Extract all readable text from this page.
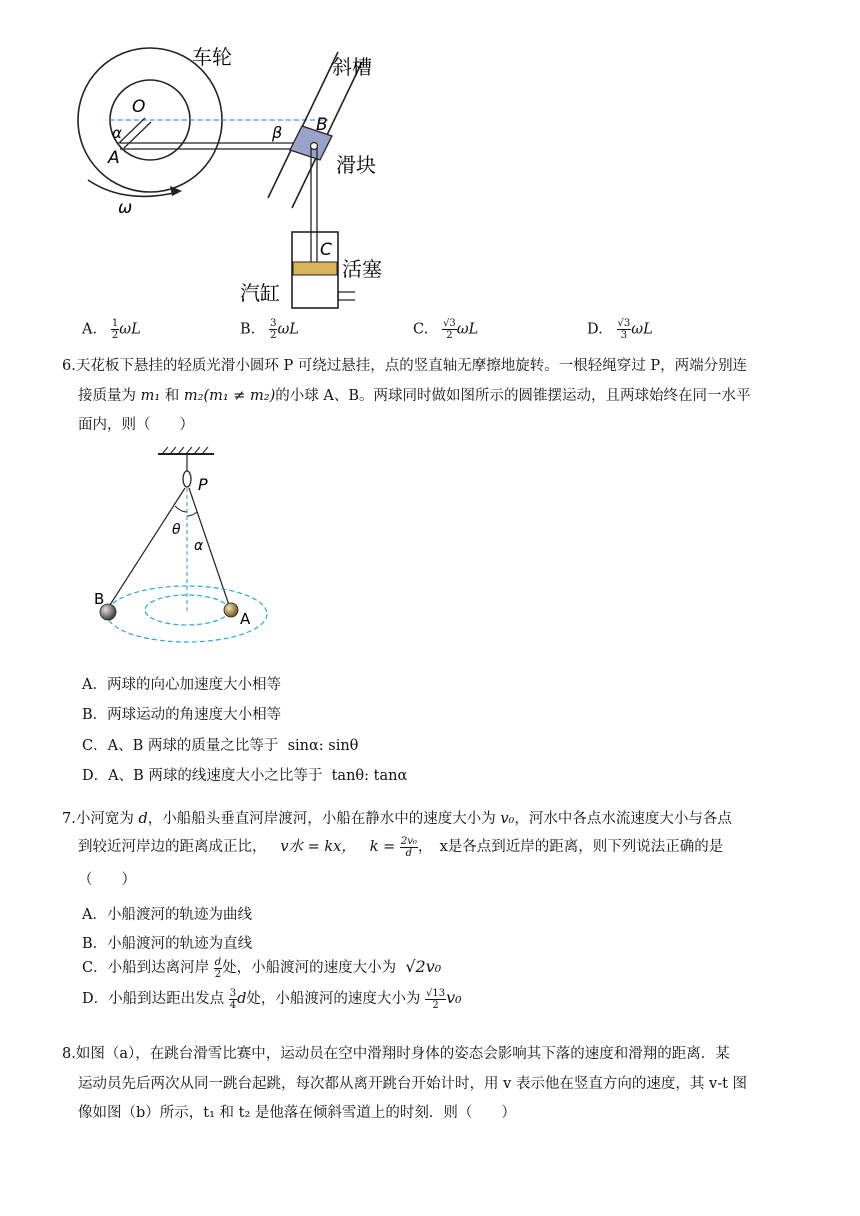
车轮	斜槽
滑块
活塞
汽缸
O
A
B
C
α	β
ω
A. $\frac{1}{2}$ ωL	B. $\frac{3}{2}$ ωL	C. $\frac{√3}{2}$ ωL	D. $\frac{√3}{3}$ ωL
6.天花板下悬挂的轻质光滑小圆环 P 可绕过悬挂，点的竖直轴无摩擦地旋转。一根轻绳穿过 P，两端分别连
接质量为 m₁ 和 m₂(m₁ ≠ m₂)的小球 A、B。两球同时做如图所示的圆锥摆运动，且两球始终在同一水平
面内，则（　　）
P
θ
α
B
A
A．两球的向心加速度大小相等
B．两球运动的角速度大小相等
C．A、B 两球的质量之比等于 sinα: sinθ
D．A、B 两球的线速度大小之比等于 tanθ: tanα
7.小河宽为 d，小船船头垂直河岸渡河，小船在静水中的速度大小为 v₀，河水中各点水流速度大小与各点
到较近河岸边的距离成正比， v水 = kx， $k = \frac{\text{2v₀}}{d}$ ，　x是各点到近岸的距离，则下列说法正确的是
（　　）
A．小船渡河的轨迹为曲线
B．小船渡河的轨迹为直线
C．小船到达离河岸 $\frac{d}{2}$ 处，小船渡河的速度大小为 √2v₀
D．小船到达距出发点 $\frac{3}{4}$ d处，小船渡河的速度大小为 $\frac{√13}{2} v_0$
8.如图（a），在跳台滑雪比赛中，运动员在空中滑翔时身体的姿态会影响其下落的速度和滑翔的距离．某
运动员先后两次从同一跳台起跳，每次都从离开跳台开始计时，用 v 表示他在竖直方向的速度，其 v-t 图
像如图（b）所示，t₁ 和 t₂ 是他落在倾斜雪道上的时刻．则（　　）
